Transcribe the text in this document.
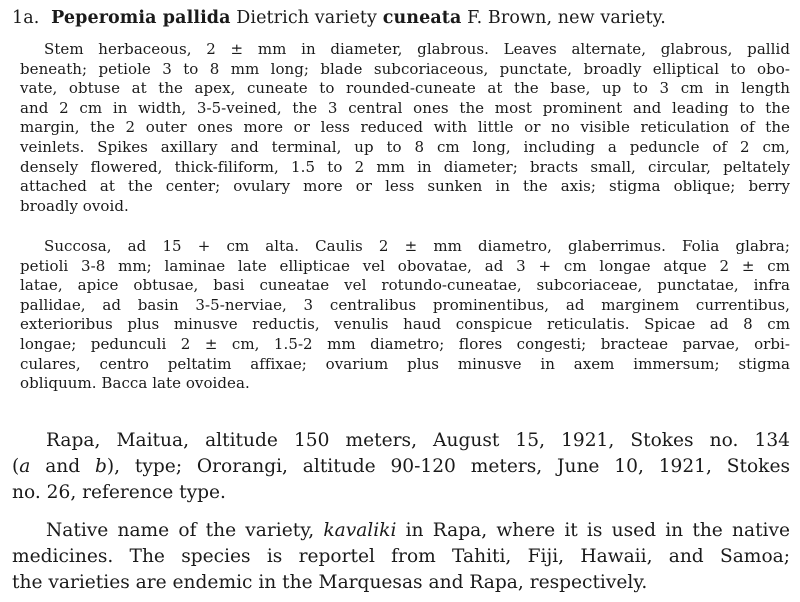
1a. Peperomia pallida Dietrich variety cuneata F. Brown, new variety.
Stem herbaceous, 2 ± mm in diameter, glabrous. Leaves alternate, glabrous, pallid
beneath; petiole 3 to 8 mm long; blade subcoriaceous, punctate, broadly elliptical to obo-
vate, obtuse at the apex, cuneate to rounded-cuneate at the base, up to 3 cm in length
and 2 cm in width, 3-5-veined, the 3 central ones the most prominent and leading to the
margin, the 2 outer ones more or less reduced with little or no visible reticulation of the
veinlets. Spikes axillary and terminal, up to 8 cm long, including a peduncle of 2 cm,
densely flowered, thick-filiform, 1.5 to 2 mm in diameter; bracts small, circular, peltately
attached at the center; ovulary more or less sunken in the axis; stigma oblique; berry
broadly ovoid.
Succosa, ad 15 + cm alta. Caulis 2 ± mm diametro, glaberrimus. Folia glabra;
petioli 3-8 mm; laminae late ellipticae vel obovatae, ad 3 + cm longae atque 2 ± cm
latae, apice obtusae, basi cuneatae vel rotundo-cuneatae, subcoriaceae, punctatae, infra
pallidae, ad basin 3-5-nerviae, 3 centralibus prominentibus, ad marginem currentibus,
exterioribus plus minusve reductis, venulis haud conspicue reticulatis. Spicae ad 8 cm
longae; pedunculi 2 ± cm, 1.5-2 mm diametro; flores congesti; bracteae parvae, orbi-
culares, centro peltatim affixae; ovarium plus minusve in axem immersum; stigma
obliquum. Bacca late ovoidea.
Rapa, Maitua, altitude 150 meters, August 15, 1921, Stokes no. 134
(a and b), type; Ororangi, altitude 90-120 meters, June 10, 1921, Stokes
no. 26, reference type.
Native name of the variety, kavaliki in Rapa, where it is used in the native
medicines. The species is reportel from Tahiti, Fiji, Hawaii, and Samoa;
the varieties are endemic in the Marquesas and Rapa, respectively.
